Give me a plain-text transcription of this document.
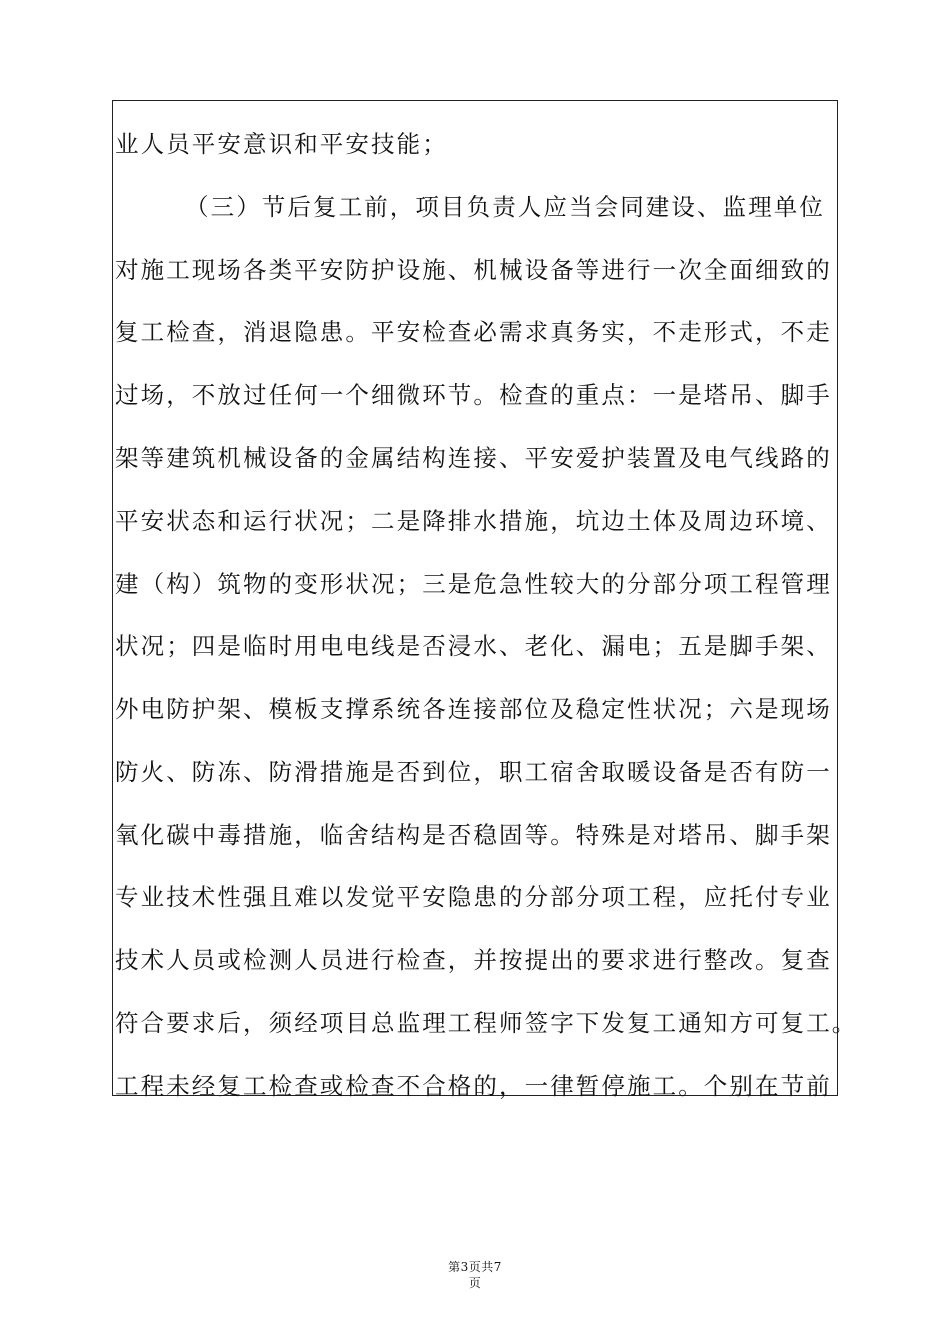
业人员平安意识和平安技能；
（三）节后复工前，项目负责人应当会同建设、监理单位
对施工现场各类平安防护设施、机械设备等进行一次全面细致的
复工检查，消退隐患。平安检查必需求真务实，不走形式，不走
过场，不放过任何一个细微环节。检查的重点：一是塔吊、脚手
架等建筑机械设备的金属结构连接、平安爱护装置及电气线路的
平安状态和运行状况；二是降排水措施，坑边土体及周边环境、
建（构）筑物的变形状况；三是危急性较大的分部分项工程管理
状况；四是临时用电电线是否浸水、老化、漏电；五是脚手架、
外电防护架、模板支撑系统各连接部位及稳定性状况；六是现场
防火、防冻、防滑措施是否到位，职工宿舍取暖设备是否有防一
氧化碳中毒措施，临舍结构是否稳固等。特殊是对塔吊、脚手架
专业技术性强且难以发觉平安隐患的分部分项工程，应托付专业
技术人员或检测人员进行检查，并按提出的要求进行整改。复查
符合要求后，须经项目总监理工程师签字下发复工通知方可复工。
工程未经复工检查或检查不合格的，一律暂停施工。个别在节前
第3页共7
页
